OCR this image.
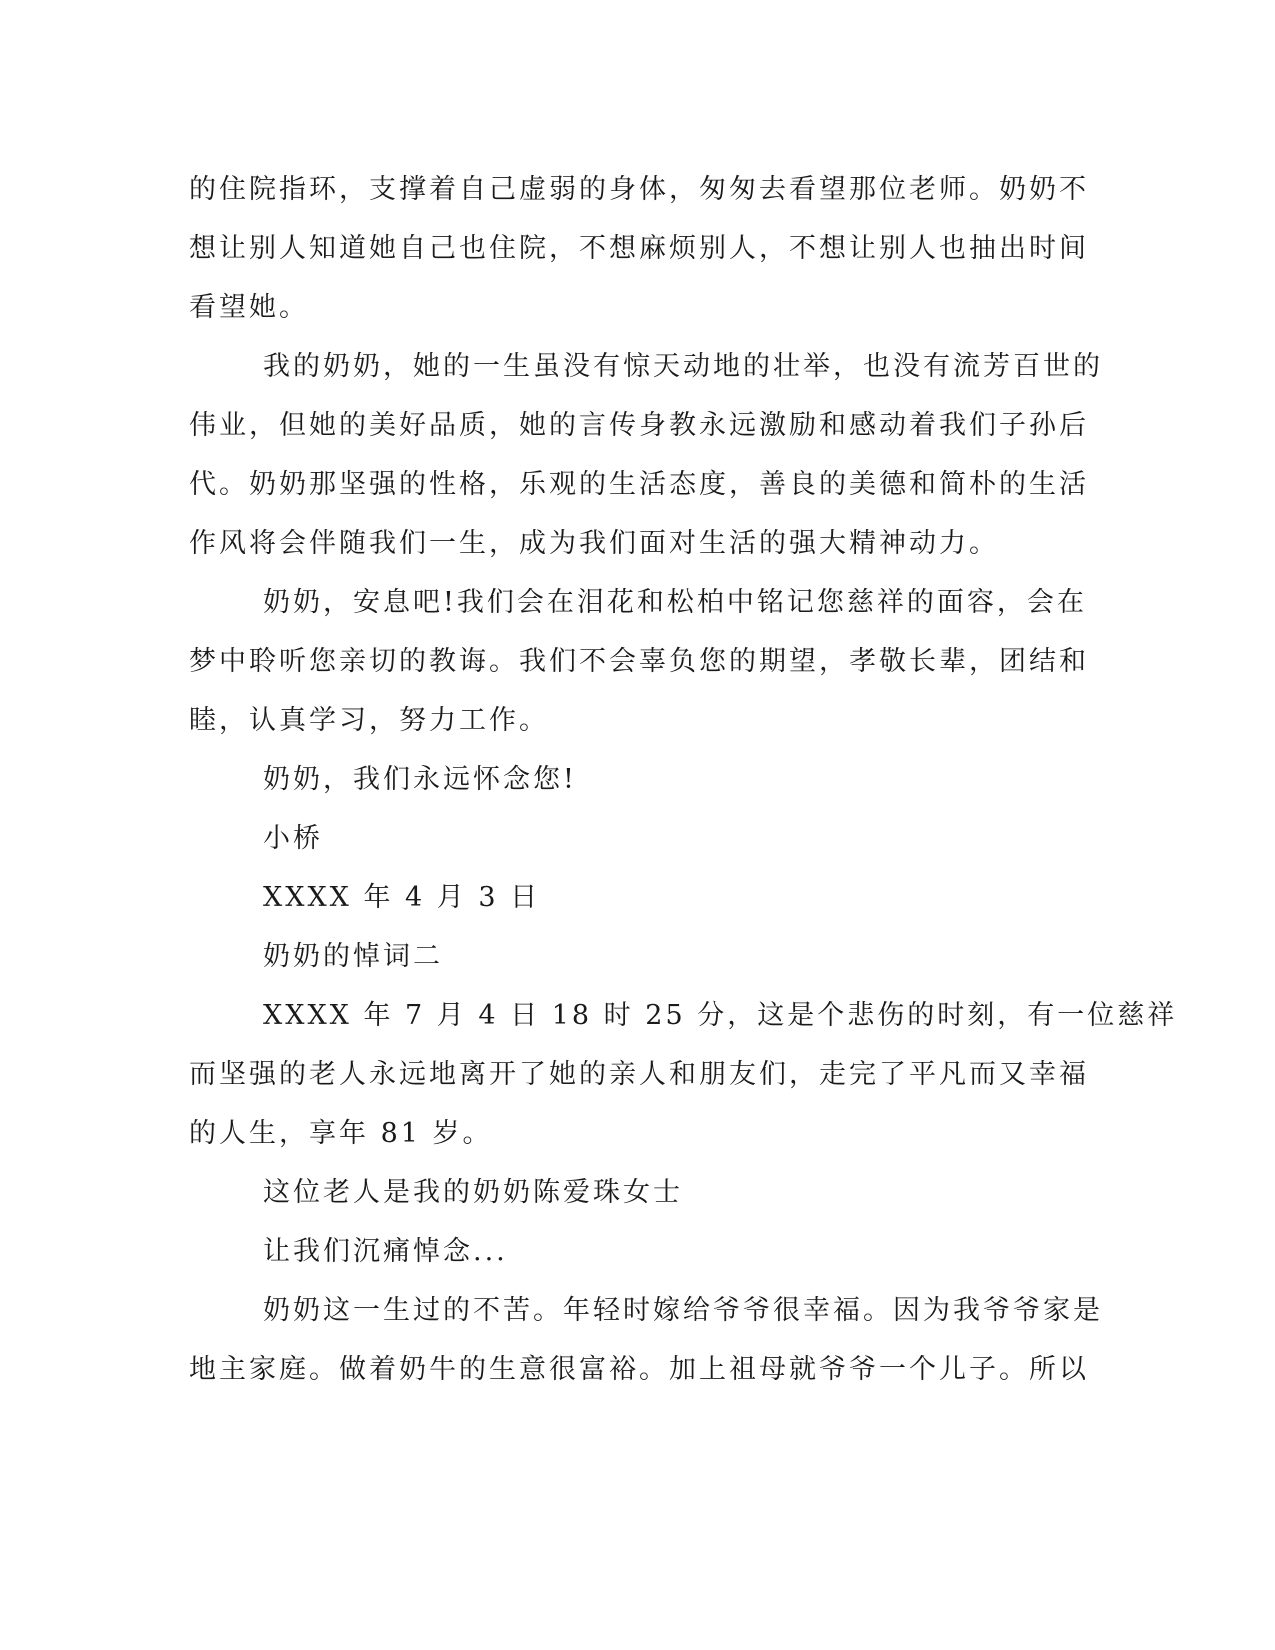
的住院指环，支撑着自己虚弱的身体，匆匆去看望那位老师。奶奶不

想让别人知道她自己也住院，不想麻烦别人，不想让别人也抽出时间

看望她。

我的奶奶，她的一生虽没有惊天动地的壮举，也没有流芳百世的

伟业，但她的美好品质，她的言传身教永远激励和感动着我们子孙后

代。奶奶那坚强的性格，乐观的生活态度，善良的美德和简朴的生活

作风将会伴随我们一生，成为我们面对生活的强大精神动力。

奶奶，安息吧!我们会在泪花和松柏中铭记您慈祥的面容，会在

梦中聆听您亲切的教诲。我们不会辜负您的期望，孝敬长辈，团结和

睦，认真学习，努力工作。

奶奶，我们永远怀念您!

小桥

XXXX 年 4 月 3 日

奶奶的悼词二

XXXX 年 7 月 4 日 18 时 25 分，这是个悲伤的时刻，有一位慈祥

而坚强的老人永远地离开了她的亲人和朋友们，走完了平凡而又幸福

的人生，享年 81 岁。

这位老人是我的奶奶陈爱珠女士

让我们沉痛悼念...

奶奶这一生过的不苦。年轻时嫁给爷爷很幸福。因为我爷爷家是

地主家庭。做着奶牛的生意很富裕。加上祖母就爷爷一个儿子。所以
